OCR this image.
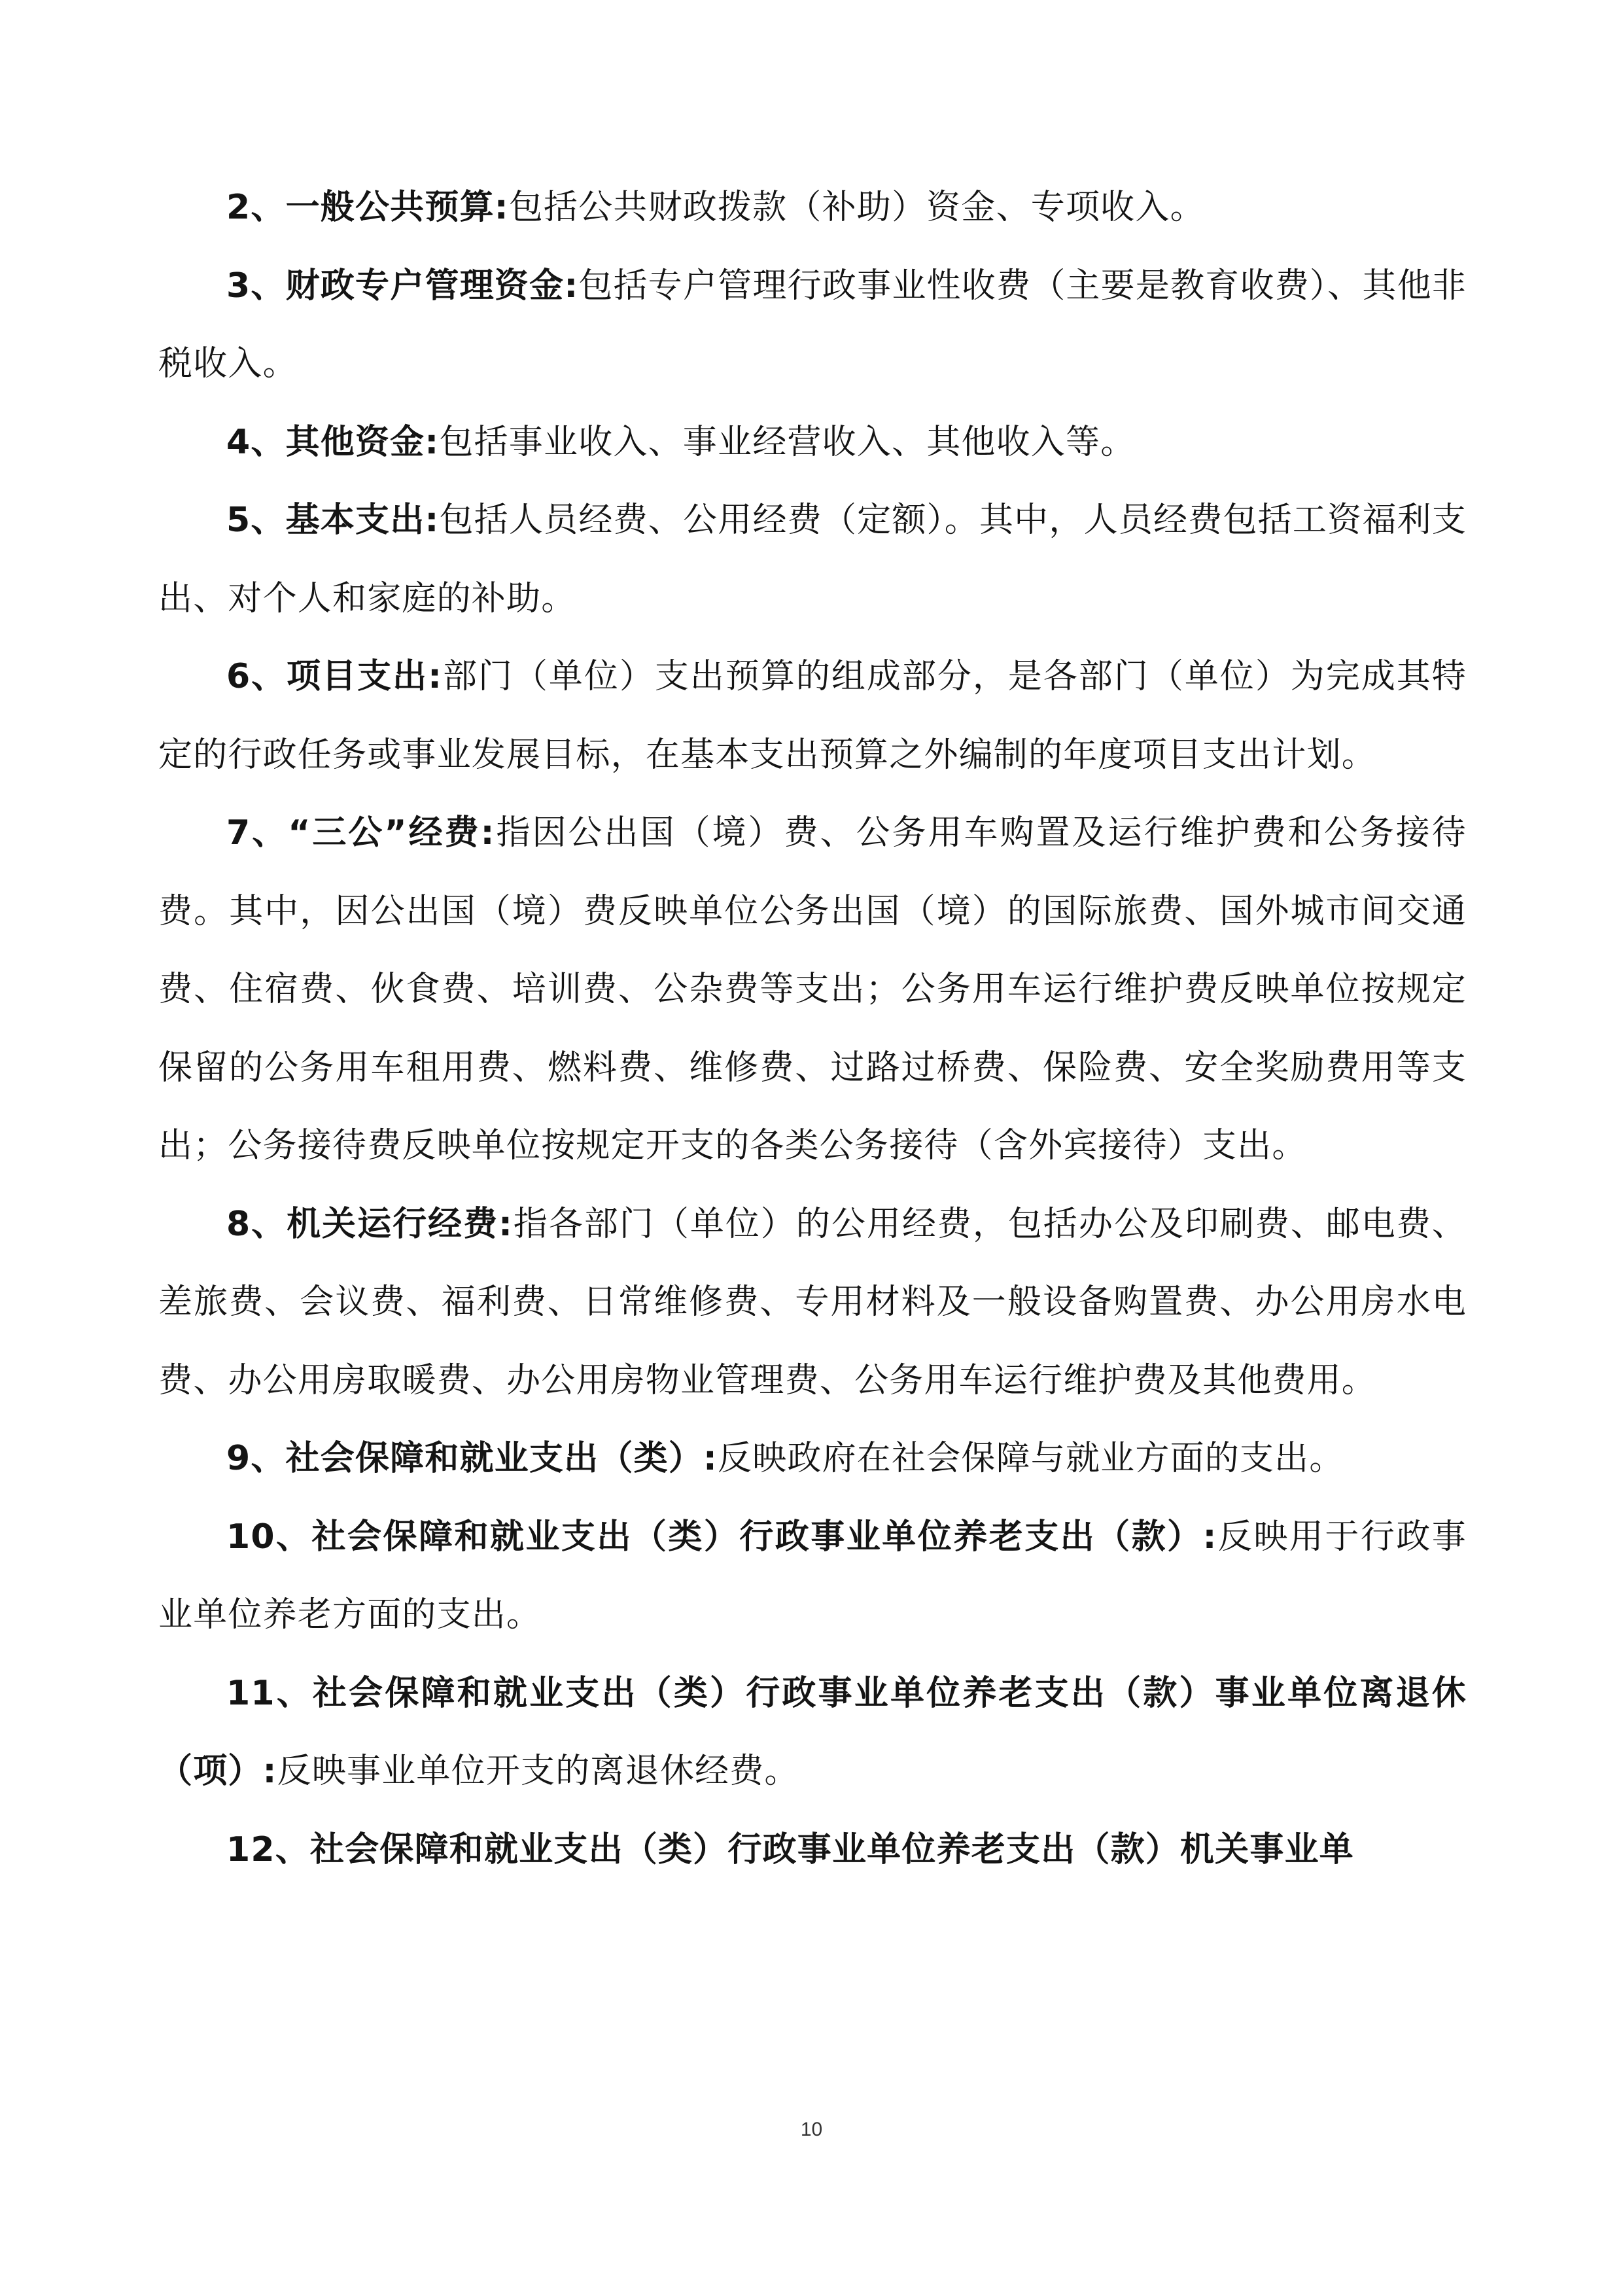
2、一般公共预算:包括公共财政拨款（补助）资金、专项收入。

3、财政专户管理资金:包括专户管理行政事业性收费（主要是教育收费）、其他非税收入。

4、其他资金:包括事业收入、事业经营收入、其他收入等。

5、基本支出:包括人员经费、公用经费（定额）。其中，人员经费包括工资福利支出、对个人和家庭的补助。

6、项目支出:部门（单位）支出预算的组成部分，是各部门（单位）为完成其特定的行政任务或事业发展目标，在基本支出预算之外编制的年度项目支出计划。

7、“三公”经费:指因公出国（境）费、公务用车购置及运行维护费和公务接待费。其中，因公出国（境）费反映单位公务出国（境）的国际旅费、国外城市间交通费、住宿费、伙食费、培训费、公杂费等支出；公务用车运行维护费反映单位按规定保留的公务用车租用费、燃料费、维修费、过路过桥费、保险费、安全奖励费用等支出；公务接待费反映单位按规定开支的各类公务接待（含外宾接待）支出。

8、机关运行经费:指各部门（单位）的公用经费，包括办公及印刷费、邮电费、差旅费、会议费、福利费、日常维修费、专用材料及一般设备购置费、办公用房水电费、办公用房取暖费、办公用房物业管理费、公务用车运行维护费及其他费用。

9、社会保障和就业支出（类）:反映政府在社会保障与就业方面的支出。

10、社会保障和就业支出（类）行政事业单位养老支出（款）:反映用于行政事业单位养老方面的支出。

11、社会保障和就业支出（类）行政事业单位养老支出（款）事业单位离退休（项）:反映事业单位开支的离退休经费。

12、社会保障和就业支出（类）行政事业单位养老支出（款）机关事业单

10
